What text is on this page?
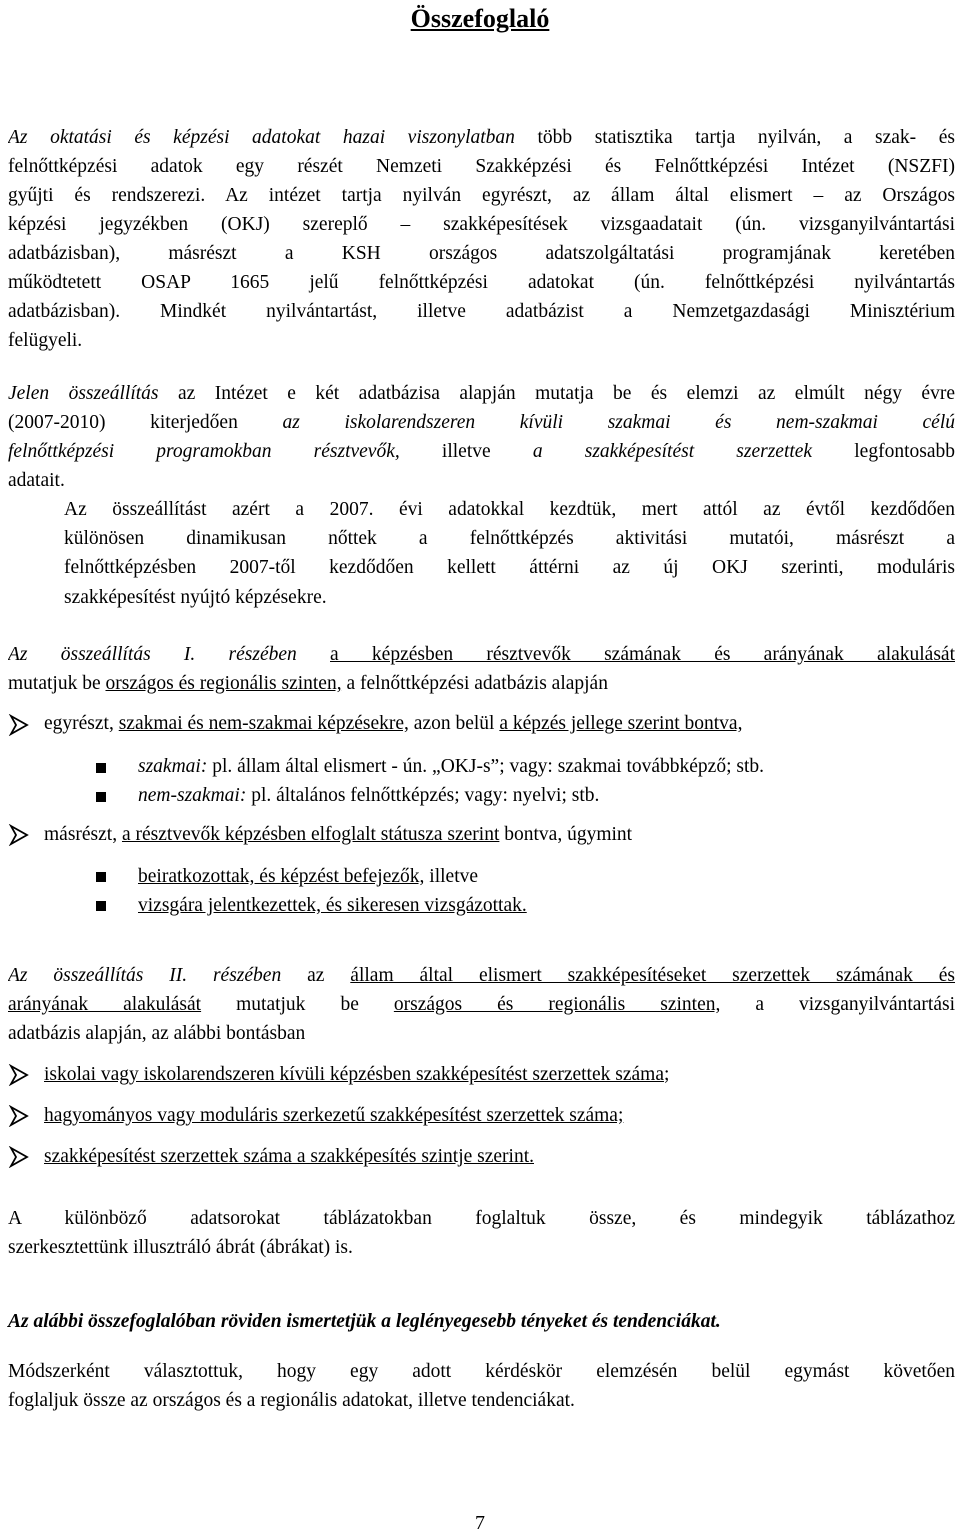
Összefoglaló
Az oktatási és képzési adatokat hazai viszonylatban több statisztika tartja nyilván, a szak- és
felnőttképzési adatok egy részét Nemzeti Szakképzési és Felnőttképzési Intézet (NSZFI)
gyűjti és rendszerezi. Az intézet tartja nyilván egyrészt, az állam által elismert – az Országos
képzési jegyzékben (OKJ) szereplő – szakképesítések vizsgaadatait (ún. vizsganyilvántartási
adatbázisban), másrészt a KSH országos adatszolgáltatási programjának keretében
működtetett OSAP 1665 jelű felnőttképzési adatokat (ún. felnőttképzési nyilvántartás
adatbázisban). Mindkét nyilvántartást, illetve adatbázist a Nemzetgazdasági Minisztérium
felügyeli.
Jelen összeállítás az Intézet e két adatbázisa alapján mutatja be és elemzi az elmúlt négy évre
(2007-2010) kiterjedően az iskolarendszeren kívüli szakmai és nem-szakmai célú
felnőttképzési programokban résztvevők, illetve a szakképesítést szerzettek legfontosabb
adatait.
Az összeállítást azért a 2007. évi adatokkal kezdtük, mert attól az évtől kezdődően
különösen dinamikusan nőttek a felnőttképzés aktivitási mutatói, másrészt a
felnőttképzésben 2007-től kezdődően kellett áttérni az új OKJ szerinti, moduláris
szakképesítést nyújtó képzésekre.
Az összeállítás I. részében a képzésben résztvevők számának és arányának alakulását
mutatjuk be országos és regionális szinten, a felnőttképzési adatbázis alapján
egyrészt, szakmai és nem-szakmai képzésekre, azon belül a képzés jellege szerint bontva,
szakmai: pl. állam által elismert - ún. „OKJ-s”; vagy: szakmai továbbképző; stb.
nem-szakmai: pl. általános felnőttképzés; vagy: nyelvi; stb.
másrészt, a résztvevők képzésben elfoglalt státusza szerint bontva, úgymint
beiratkozottak, és képzést befejezők, illetve
vizsgára jelentkezettek, és sikeresen vizsgázottak.
Az összeállítás II. részében az állam által elismert szakképesítéseket szerzettek számának és
arányának alakulását mutatjuk be országos és regionális szinten, a vizsganyilvántartási
adatbázis alapján, az alábbi bontásban
iskolai vagy iskolarendszeren kívüli képzésben szakképesítést szerzettek száma;
hagyományos vagy moduláris szerkezetű szakképesítést szerzettek száma;
szakképesítést szerzettek száma a szakképesítés szintje szerint.
A különböző adatsorokat táblázatokban foglaltuk össze, és mindegyik táblázathoz
szerkesztettünk illusztráló ábrát (ábrákat) is.
Az alábbi összefoglalóban röviden ismertetjük a leglényegesebb tényeket és tendenciákat.
Módszerként választottuk, hogy egy adott kérdéskör elemzésén belül egymást követően
foglaljuk össze az országos és a regionális adatokat, illetve tendenciákat.
7
